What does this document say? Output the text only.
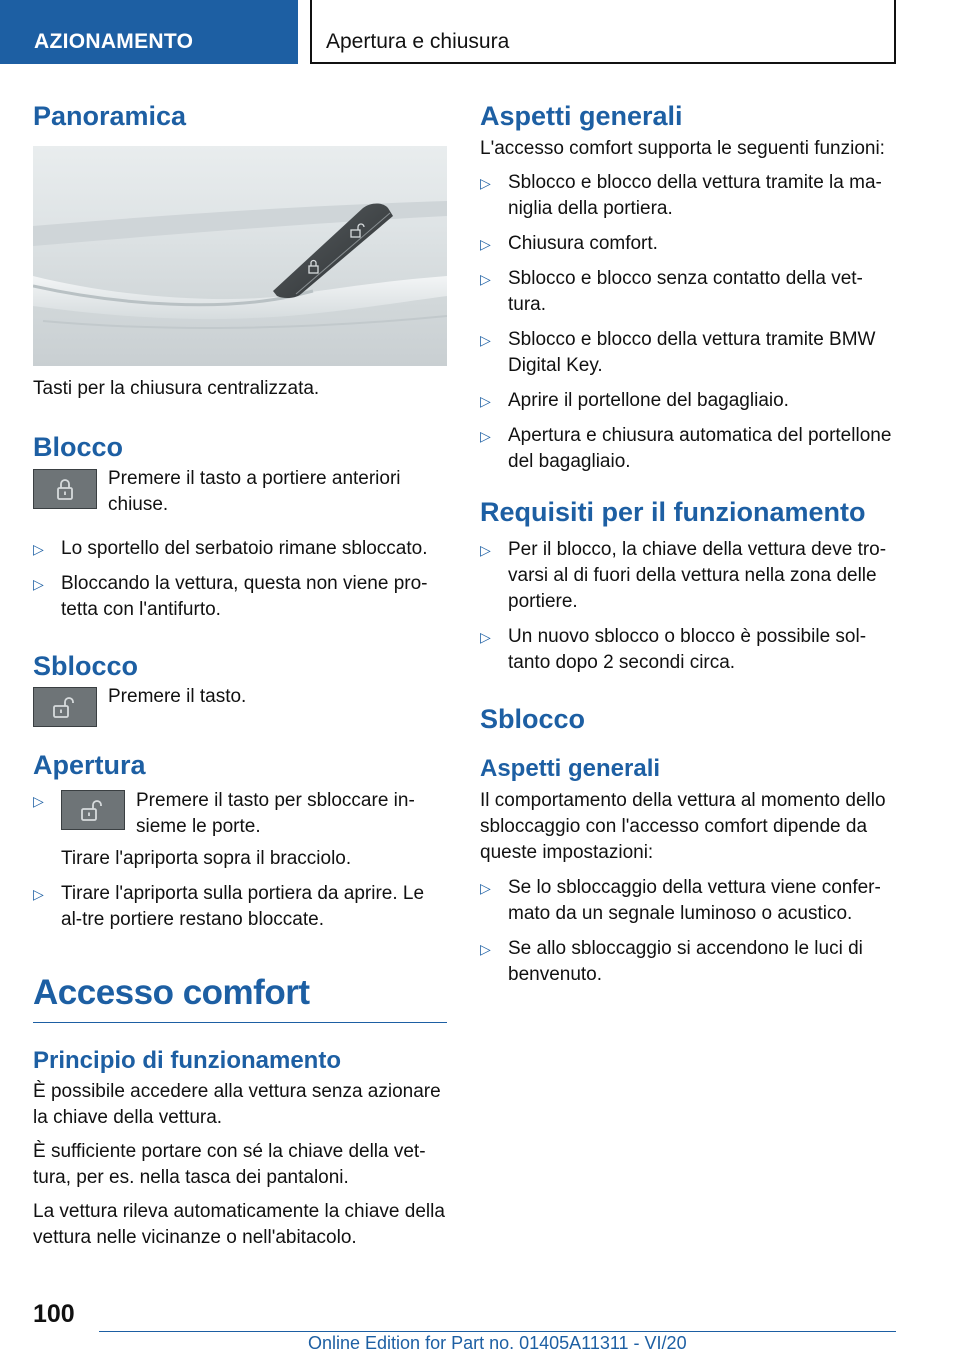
AZIONAMENTO	Apertura e chiusura
Panoramica

Tasti per la chiusura centralizzata.

Blocco

Premere il tasto a portiere anteriori chiuse.

▷ Lo sportello del serbatoio rimane sbloccato.
▷ Bloccando la vettura, questa non viene pro-tetta con l'antifurto.
Sblocco

Premere il tasto.

Apertura
▷	Premere il tasto per sbloccare in-sieme le porte.
Tirare l'apriporta sopra il bracciolo.
▷ Tirare l'apriporta sulla portiera da aprire. Le al-tre portiere restano bloccate.
Accesso comfort
Principio di funzionamento

È possibile accedere alla vettura senza azionare la chiave della vettura.

È sufficiente portare con sé la chiave della vet-tura, per es. nella tasca dei pantaloni.

La vettura rileva automaticamente la chiave della vettura nelle vicinanze o nell'abitacolo.

Aspetti generali

L'accesso comfort supporta le seguenti funzioni:

▷ Sblocco e blocco della vettura tramite la ma-niglia della portiera.
▷ Chiusura comfort.
▷ Sblocco e blocco senza contatto della vet-tura.
▷ Sblocco e blocco della vettura tramite BMW Digital Key.
▷ Aprire il portellone del bagagliaio.
▷ Apertura e chiusura automatica del portellone del bagagliaio.
Requisiti per il funzionamento
▷ Per il blocco, la chiave della vettura deve tro-varsi al di fuori della vettura nella zona delle portiere.
▷ Un nuovo sblocco o blocco è possibile sol-tanto dopo 2 secondi circa.
Sblocco
Aspetti generali

Il comportamento della vettura al momento dello sbloccaggio con l'accesso comfort dipende da queste impostazioni:

▷ Se lo sbloccaggio della vettura viene confer-mato da un segnale luminoso o acustico.
▷ Se allo sbloccaggio si accendono le luci di benvenuto.
100
Online Edition for Part no. 01405A11311 - VI/20
